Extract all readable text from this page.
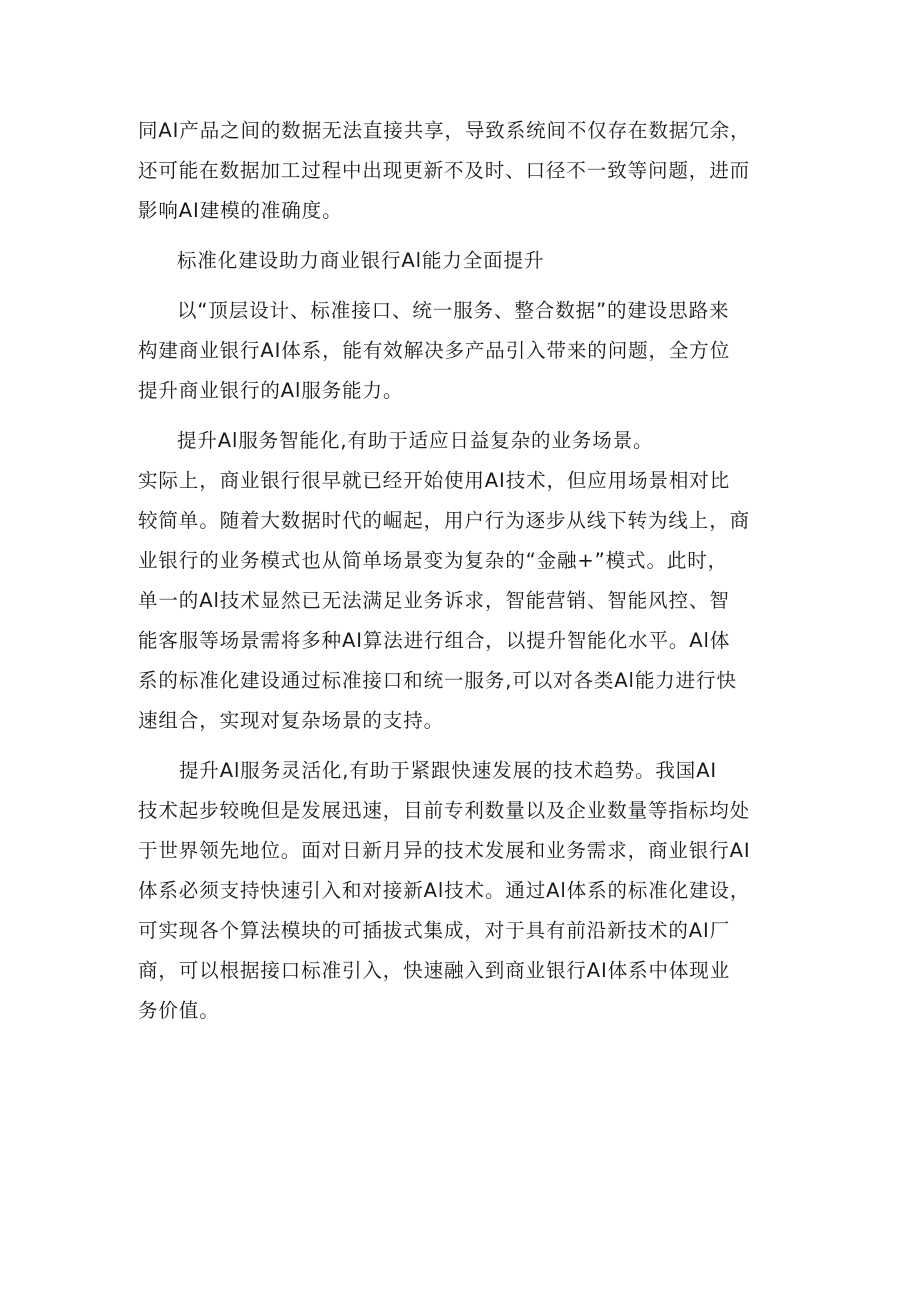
同AI产品之间的数据无法直接共享，导致系统间不仅存在数据冗余，
还可能在数据加工过程中出现更新不及时、口径不一致等问题，进而
影响AI建模的准确度。
标准化建设助力商业银行Al能力全面提升
以“顶层设计、标准接口、统一服务、整合数据”的建设思路来
构建商业银行AI体系，能有效解决多产品引入带来的问题，全方位
提升商业银行的Al服务能力。
提升Al服务智能化,有助于适应日益复杂的业务场景。
实际上，商业银行很早就已经开始使用AI技术，但应用场景相对比
较简单。随着大数据时代的崛起，用户行为逐步从线下转为线上，商
业银行的业务模式也从简单场景变为复杂的“金融+”模式。此时，
单一的Al技术显然已无法满足业务诉求，智能营销、智能风控、智
能客服等场景需将多种AI算法进行组合，以提升智能化水平。Al体
系的标准化建设通过标准接口和统一服务,可以对各类Al能力进行快
速组合，实现对复杂场景的支持。
提升Al服务灵活化,有助于紧跟快速发展的技术趋势。我国AI
技术起步较晚但是发展迅速，目前专利数量以及企业数量等指标均处
于世界领先地位。面对日新月异的技术发展和业务需求，商业银行AI
体系必须支持快速引入和对接新Al技术。通过Al体系的标准化建设，
可实现各个算法模块的可插拔式集成，对于具有前沿新技术的AI厂
商，可以根据接口标准引入，快速融入到商业银行AI体系中体现业
务价值。
